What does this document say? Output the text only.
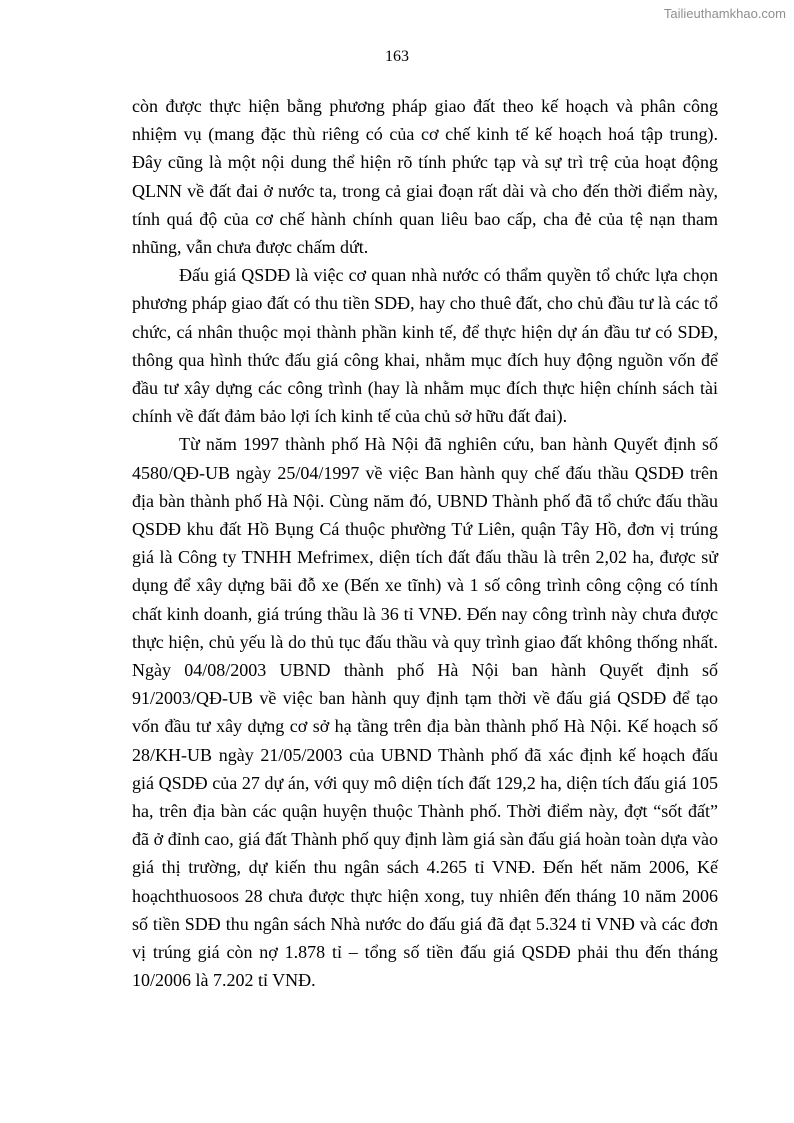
Tailieuthamkhao.com
163

còn được thực hiện bằng phương pháp giao đất theo kế hoạch và phân công nhiệm vụ (mang đặc thù riêng có của cơ chế kinh tế kế hoạch hoá tập trung). Đây cũng là một nội dung thể hiện rõ tính phức tạp và sự trì trệ của hoạt động QLNN về đất đai ở nước ta, trong cả giai đoạn rất dài và cho đến thời điểm này, tính quá độ của cơ chế hành chính quan liêu bao cấp, cha đẻ của tệ nạn tham nhũng, vẫn chưa được chấm dứt.

Đấu giá QSDĐ là việc cơ quan nhà nước có thẩm quyền tổ chức lựa chọn phương pháp giao đất có thu tiền SDĐ, hay cho thuê đất, cho chủ đầu tư là các tổ chức, cá nhân thuộc mọi thành phần kinh tế, để thực hiện dự án đầu tư có SDĐ, thông qua hình thức đấu giá công khai, nhằm mục đích huy động nguồn vốn để đầu tư xây dựng các công trình (hay là nhằm mục đích thực hiện chính sách tài chính về đất đảm bảo lợi ích kinh tế của chủ sở hữu đất đai).

Từ năm 1997 thành phố Hà Nội đã nghiên cứu, ban hành Quyết định số 4580/QĐ-UB ngày 25/04/1997 về việc Ban hành quy chế đấu thầu QSDĐ trên địa bàn thành phố Hà Nội. Cùng năm đó, UBND Thành phố đã tổ chức đấu thầu QSDĐ khu đất Hồ Bụng Cá thuộc phường Tứ Liên, quận Tây Hồ, đơn vị trúng giá là Công ty TNHH Mefrimex, diện tích đất đấu thầu là trên 2,02 ha, được sử dụng để xây dựng bãi đỗ xe (Bến xe tĩnh) và 1 số công trình công cộng có tính chất kinh doanh, giá trúng thầu là 36 tỉ VNĐ. Đến nay công trình này chưa được thực hiện, chủ yếu là do thủ tục đấu thầu và quy trình giao đất không thống nhất. Ngày 04/08/2003 UBND thành phố Hà Nội ban hành Quyết định số 91/2003/QĐ-UB về việc ban hành quy định tạm thời về đấu giá QSDĐ để tạo vốn đầu tư xây dựng cơ sở hạ tầng trên địa bàn thành phố Hà Nội. Kế hoạch số 28/KH-UB ngày 21/05/2003 của UBND Thành phố đã xác định kế hoạch đấu giá QSDĐ của 27 dự án, với quy mô diện tích đất 129,2 ha, diện tích đấu giá 105 ha, trên địa bàn các quận huyện thuộc Thành phố. Thời điểm này, đợt “sốt đất” đã ở đỉnh cao, giá đất Thành phố quy định làm giá sàn đấu giá hoàn toàn dựa vào giá thị trường, dự kiến thu ngân sách 4.265 tỉ VNĐ. Đến hết năm 2006, Kế hoạchthuosoos 28 chưa được thực hiện xong, tuy nhiên đến tháng 10 năm 2006 số tiền SDĐ thu ngân sách Nhà nước do đấu giá đã đạt 5.324 tỉ VNĐ và các đơn vị trúng giá còn nợ 1.878 tỉ – tổng số tiền đấu giá QSDĐ phải thu đến tháng 10/2006 là 7.202 tỉ VNĐ.
